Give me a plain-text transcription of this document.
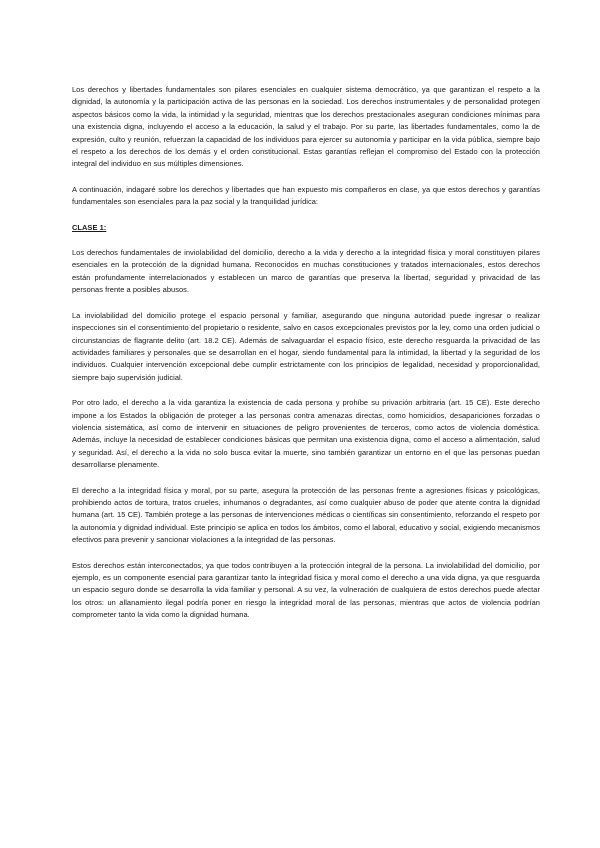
Los derechos y libertades fundamentales son pilares esenciales en cualquier sistema democrático, ya que garantizan el respeto a la dignidad, la autonomía y la participación activa de las personas en la sociedad. Los derechos instrumentales y de personalidad protegen aspectos básicos como la vida, la intimidad y la seguridad, mientras que los derechos prestacionales aseguran condiciones mínimas para una existencia digna, incluyendo el acceso a la educación, la salud y el trabajo. Por su parte, las libertades fundamentales, como la de expresión, culto y reunión, refuerzan la capacidad de los individuos para ejercer su autonomía y participar en la vida pública, siempre bajo el respeto a los derechos de los demás y el orden constitucional. Estas garantías reflejan el compromiso del Estado con la protección integral del individuo en sus múltiples dimensiones.

A continuación, indagaré sobre los derechos y libertades que han expuesto mis compañeros en clase, ya que estos derechos y garantías fundamentales son esenciales para la paz social y la tranquilidad jurídica:

CLASE 1:

Los derechos fundamentales de inviolabilidad del domicilio, derecho a la vida y derecho a la integridad física y moral constituyen pilares esenciales en la protección de la dignidad humana. Reconocidos en muchas constituciones y tratados internacionales, estos derechos están profundamente interrelacionados y establecen un marco de garantías que preserva la libertad, seguridad y privacidad de las personas frente a posibles abusos.

La inviolabilidad del domicilio protege el espacio personal y familiar, asegurando que ninguna autoridad puede ingresar o realizar inspecciones sin el consentimiento del propietario o residente, salvo en casos excepcionales previstos por la ley, como una orden judicial o circunstancias de flagrante delito (art. 18.2 CE). Además de salvaguardar el espacio físico, este derecho resguarda la privacidad de las actividades familiares y personales que se desarrollan en el hogar, siendo fundamental para la intimidad, la libertad y la seguridad de los individuos. Cualquier intervención excepcional debe cumplir estrictamente con los principios de legalidad, necesidad y proporcionalidad, siempre bajo supervisión judicial.

Por otro lado, el derecho a la vida garantiza la existencia de cada persona y prohíbe su privación arbitraria (art. 15 CE). Este derecho impone a los Estados la obligación de proteger a las personas contra amenazas directas, como homicidios, desapariciones forzadas o violencia sistemática, así como de intervenir en situaciones de peligro provenientes de terceros, como actos de violencia doméstica. Además, incluye la necesidad de establecer condiciones básicas que permitan una existencia digna, como el acceso a alimentación, salud y seguridad. Así, el derecho a la vida no solo busca evitar la muerte, sino también garantizar un entorno en el que las personas puedan desarrollarse plenamente.

El derecho a la integridad física y moral, por su parte, asegura la protección de las personas frente a agresiones físicas y psicológicas, prohibiendo actos de tortura, tratos crueles, inhumanos o degradantes, así como cualquier abuso de poder que atente contra la dignidad humana (art. 15 CE). También protege a las personas de intervenciones médicas o científicas sin consentimiento, reforzando el respeto por la autonomía y dignidad individual. Este principio se aplica en todos los ámbitos, como el laboral, educativo y social, exigiendo mecanismos efectivos para prevenir y sancionar violaciones a la integridad de las personas.

Estos derechos están interconectados, ya que todos contribuyen a la protección integral de la persona. La inviolabilidad del domicilio, por ejemplo, es un componente esencial para garantizar tanto la integridad física y moral como el derecho a una vida digna, ya que resguarda un espacio seguro donde se desarrolla la vida familiar y personal. A su vez, la vulneración de cualquiera de estos derechos puede afectar los otros: un allanamiento ilegal podría poner en riesgo la integridad moral de las personas, mientras que actos de violencia podrían comprometer tanto la vida como la dignidad humana.
